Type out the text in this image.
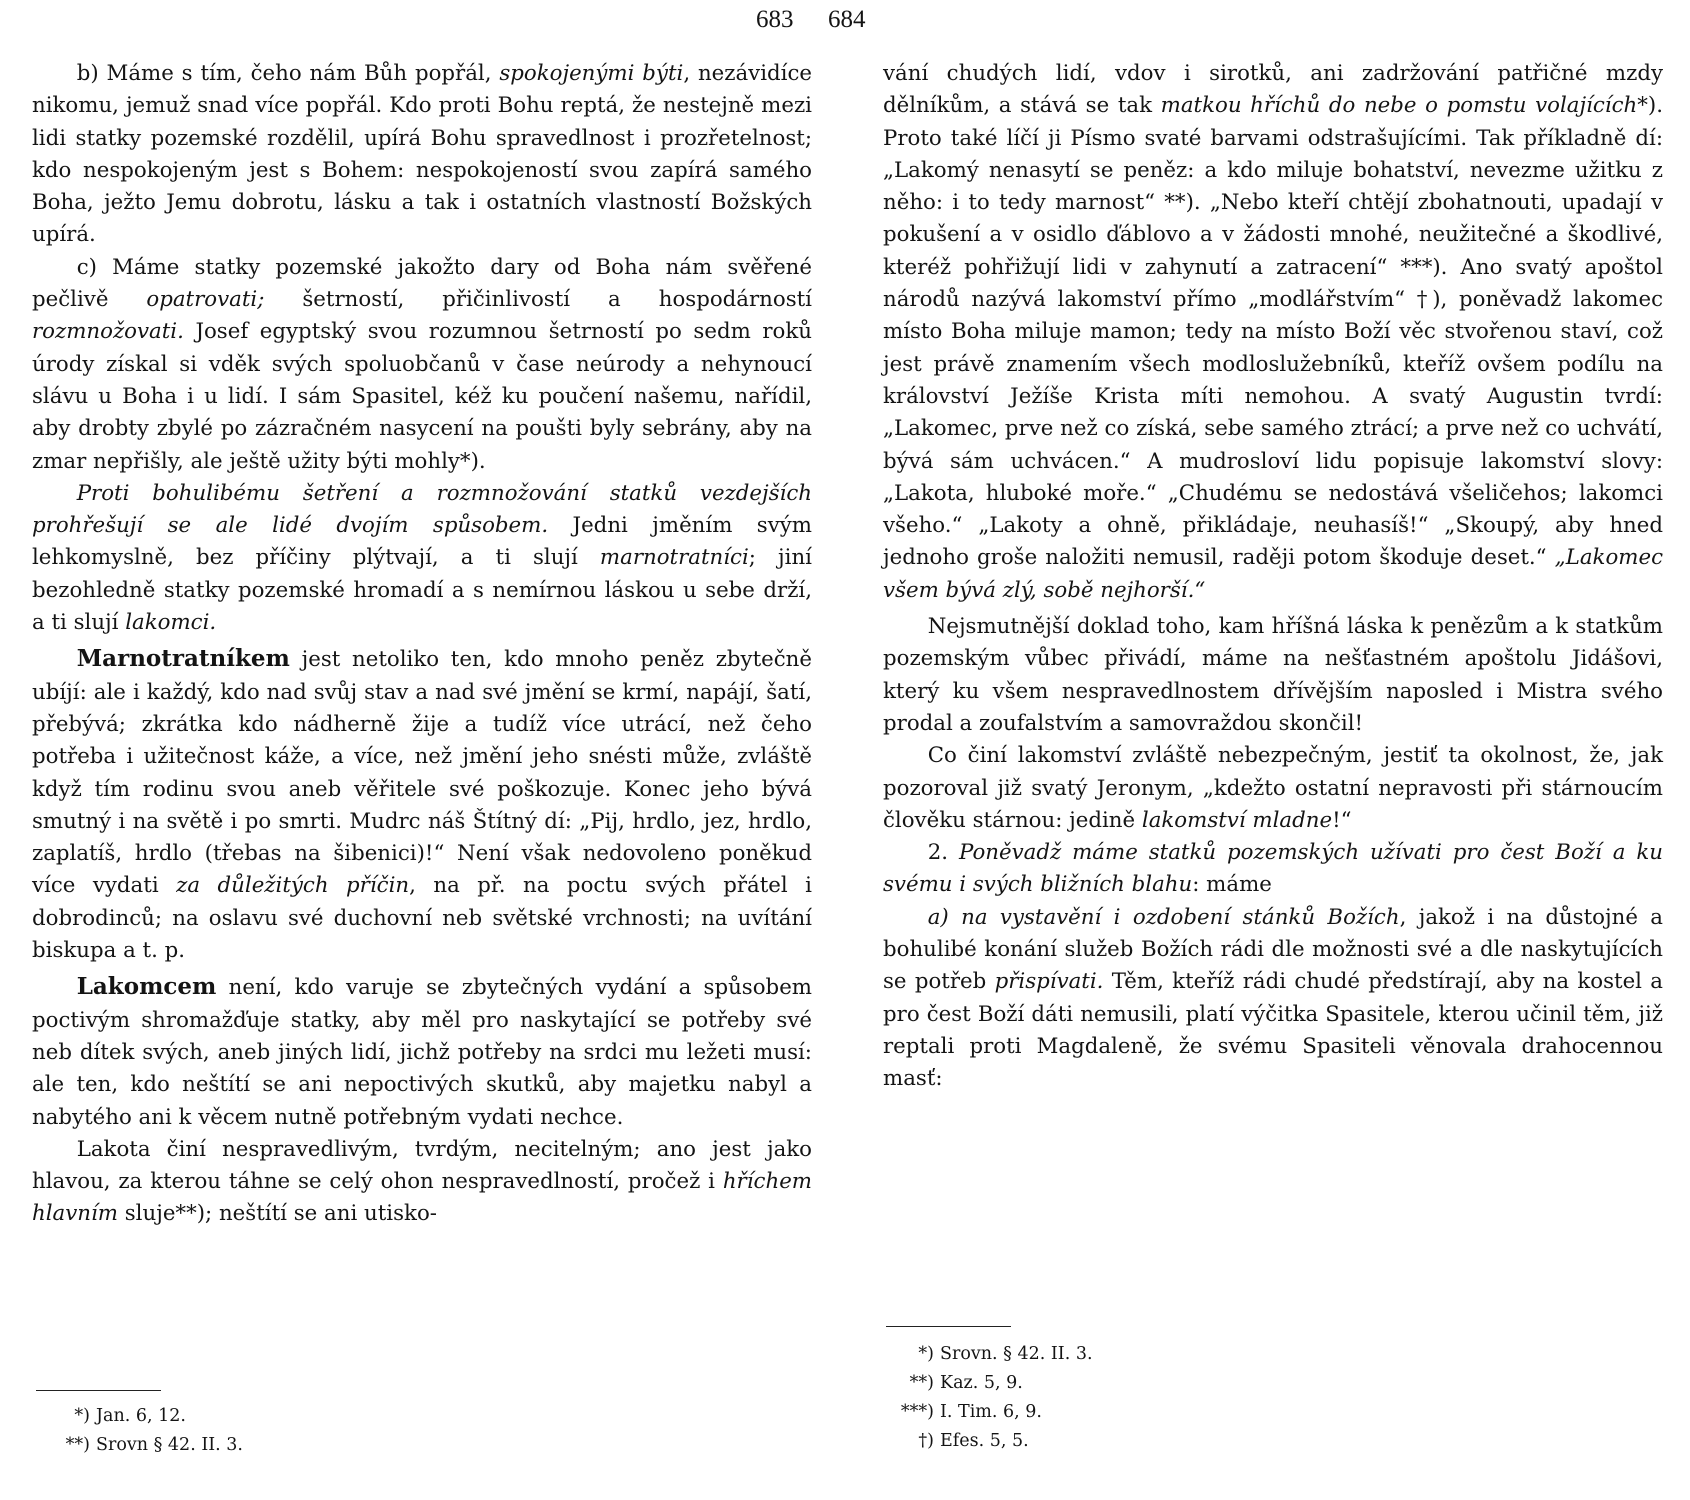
683 684

b) Máme s tím, čeho nám Bůh popřál, spokojenými býti, nezávidíce nikomu, jemuž snad více popřál. Kdo proti Bohu reptá, že nestejně mezi lidi statky pozemské rozdělil, upírá Bohu spravedlnost i prozřetelnost; kdo nespokojeným jest s Bohem: nespokojeností svou zapírá samého Boha, ježto Jemu dobrotu, lásku a tak i ostatních vlastností Božských upírá.

c) Máme statky pozemské jakožto dary od Boha nám svěřené pečlivě opatrovati; šetrností, přičinlivostí a hospodárností rozmnožovati. Josef egyptský svou rozumnou šetrností po sedm roků úrody získal si vděk svých spoluobčanů v čase neúrody a nehynoucí slávu u Boha i u lidí. I sám Spasitel, kéž ku poučení našemu, nařídil, aby drobty zbylé po zázračném nasycení na poušti byly sebrány, aby na zmar nepřišly, ale ještě užity býti mohly*).

Proti bohulibému šetření a rozmnožování statků vezdejších prohřešují se ale lidé dvojím spůsobem. Jedni jměním svým lehkomyslně, bez příčiny plýtvají, a ti slují marnotratníci; jiní bezohledně statky pozemské hromadí a s nemírnou láskou u sebe drží, a ti slují lakomci.

Marnotratníkem jest netoliko ten, kdo mnoho peněz zbytečně ubíjí: ale i každý, kdo nad svůj stav a nad své jmění se krmí, napájí, šatí, přebývá; zkrátka kdo nádherně žije a tudíž více utrácí, než čeho potřeba i užitečnost káže, a více, než jmění jeho snésti může, zvláště když tím rodinu svou aneb věřitele své poškozuje. Konec jeho bývá smutný i na světě i po smrti. Mudrc náš Štítný dí: „Pij, hrdlo, jez, hrdlo, zaplatíš, hrdlo (třebas na šibenici)!“ Není však nedovoleno poněkud více vydati za důležitých příčin, na př. na poctu svých přátel i dobrodinců; na oslavu své duchovní neb světské vrchnosti; na uvítání biskupa a t. p.

Lakomcem není, kdo varuje se zbytečných vydání a spůsobem poctivým shromažďuje statky, aby měl pro naskytající se potřeby své neb dítek svých, aneb jiných lidí, jichž potřeby na srdci mu ležeti musí: ale ten, kdo neštítí se ani nepoctivých skutků, aby majetku nabyl a nabytého ani k věcem nutně potřebným vydati nechce.

Lakota činí nespravedlivým, tvrdým, necitelným; ano jest jako hlavou, za kterou táhne se celý ohon nespravedlností, pročež i hříchem hlavním sluje**); neštítí se ani utisko-

*) Jan. 6, 12.
**) Srovn § 42. II. 3.

vání chudých lidí, vdov i sirotků, ani zadržování patřičné mzdy dělníkům, a stává se tak matkou hříchů do nebe o pomstu volajících*). Proto také líčí ji Písmo svaté barvami odstrašujícími. Tak příkladně dí: „Lakomý nenasytí se peněz: a kdo miluje bohatství, nevezme užitku z něho: i to tedy marnost“ **). „Nebo kteří chtějí zbohatnouti, upadají v pokušení a v osidlo ďáblovo a v žádosti mnohé, neužitečné a škodlivé, kteréž pohřižují lidi v zahynutí a zatracení“ ***). Ano svatý apoštol národů nazývá lakomství přímo „modlářstvím“ †), poněvadž lakomec místo Boha miluje mamon; tedy na místo Boží věc stvořenou staví, což jest právě znamením všech modloslužebníků, kteříž ovšem podílu na království Ježíše Krista míti nemohou. A svatý Augustin tvrdí: „Lakomec, prve než co získá, sebe samého ztrácí; a prve než co uchvátí, bývá sám uchvácen.“ A mudrosloví lidu popisuje lakomství slovy: „Lakota, hluboké moře.“ „Chudému se nedostává všeličehos; lakomci všeho.“ „Lakoty a ohně, přikládaje, neuhasíš!“ „Skoupý, aby hned jednoho groše naložiti nemusil, raději potom škoduje deset.“ „Lakomec všem bývá zlý, sobě nejhorší.“

Nejsmutnější doklad toho, kam hříšná láska k penězům a k statkům pozemským vůbec přivádí, máme na nešťastném apoštolu Jidášovi, který ku všem nespravedlnostem dřívějším naposled i Mistra svého prodal a zoufalstvím a samovraždou skončil!

Co činí lakomství zvláště nebezpečným, jestiť ta okolnost, že, jak pozoroval již svatý Jeronym, „kdežto ostatní nepravosti při stárnoucím člověku stárnou: jedině lakomství mladne!“

2. Poněvadž máme statků pozemských užívati pro čest Boží a ku svému i svých bližních blahu: máme

a) na vystavění i ozdobení stánků Božích, jakož i na důstojné a bohulibé konání služeb Božích rádi dle možnosti své a dle naskytujících se potřeb přispívati. Těm, kteříž rádi chudé předstírají, aby na kostel a pro čest Boží dáti nemusili, platí výčitka Spasitele, kterou učinil těm, již reptali proti Magdaleně, že svému Spasiteli věnovala drahocennou masť:

*) Srovn. § 42. II. 3.
**) Kaz. 5, 9.
***) I. Tim. 6, 9.
†) Efes. 5, 5.
